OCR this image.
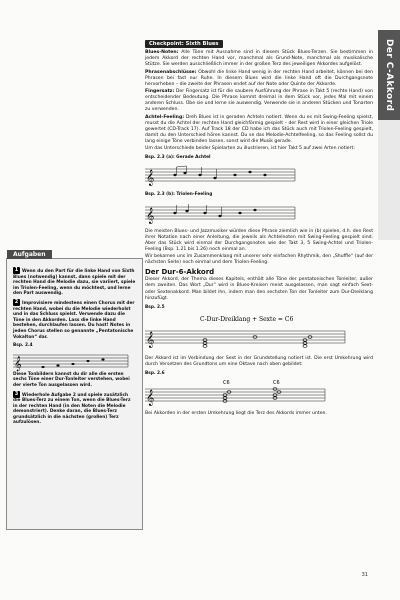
Der C-Akkord
Checkpoint: Sixth Blues

Blues-Noten: Alle Töne mit Ausnahme sind in diesem Stück Blues-Terzen. Sie bestimmen in jedem Akkord der rechten Hand vor, manchmal als Grund-Note, manchmal als musikalische Stütze. Sie werden ausschließlich immer in der großen Terz des jeweiligen Akkordes aufgelöst.

Phrasenabschlüsse: Obwohl die linke Hand wenig in der rechten Hand arbeitet, können bei den Phrasen bei fast nur Ruhe. In diesem Blues wird die linke Hand oft die Durchgangsnote hervorheben – die zweite der Phrasen endet auf der Note oder Quinte der Akkorde.

Fingersatz: Der Fingersatz ist für die saubere Ausführung der Phrase in Takt 5 (rechte Hand) von entscheidender Bedeutung. Die Phrase kommt dreimal in dem Stück vor, jedes Mal mit einem anderen Schluss. Übe sie und lerne sie auswendig. Verwende sie in anderen Stücken und Tonarten zu verwenden.

Achtel-Feeling: Dreh Blues ist in geraden Achteln notiert. Wenn du es mit Swing-Feeling spielst, musst du die Achtel der rechten Hand gleichförmig gespielt – der Rest wird in einer gleichen Triole gewertet (CD-Track 17). Auf Track 18 der CD habe ich das Stück auch mit Triolen-Feeling gespielt, damit du den Unterschied hören kannst. Du se das Melodie-Achtelfeeling, so das Feeling sollst du lang einige Töne verbinden lassen, sonst wird die Musik gerade.

Um das Unterschiede beider Spielarten zu illustrieren, ist hier Takt 5 auf zwei Arten notiert:

Bsp. 2.3 (a): Gerade Achtel
𝄞
Bsp. 2.3 (b): Triolen-Feeling
𝄞

Die meisten Blues- und Jazzmusiker würden diese Phrase ziemlich wie in (b) spielen, d.h. den Rest ihrer Notation nach einer Anleitung, die jeweils als Achtelnoten mit Swing-Feeling gespielt sind. Aber das Stück wird einmal der Durchgangsnoten wie der Takt 3, 5 Swing-Achtel und Triolen-Feeling (Bsp. 1.21 bis 1.26) noch einmal an.

Wir bekamen uns im Zusammenklang mit unserer sehr einfachen Rhythmik, den „Shuffle“ (auf der nächsten Seite) noch einmal und dem Triolen-Feeling.

Der Dur-6-Akkord

Dieser Akkord, der Thema dieses Kapitels, enthält alle Töne der pentatonischen Tonleiter, außer dem zweiten. Das Wort „Dur“ wird in Blues-Kreisen meist ausgelassen, man sagt einfach Sext- oder Sextenakkord. Man bildet ihn, indem man den sechsten Ton der Tonleiter zum Dur-Dreiklang hinzufügt.

Bsp. 2.5
C-Dur-Dreiklang + Sexte = C6
𝄞

Der Akkord ist im Verbindung der Sext in der Grundstellung notiert ist. Die erst Umkehrung wird durch Versetzen des Grundtons um eine Oktave nach oben gebildet:

Bsp. 2.6
C6	C6
𝄞

Bei Akkorden in der ersten Umkehrung liegt die Terz des Akkords immer unten.

Aufgaben

1 Wenn du den Part für die linke Hand von Sixth Blues (notwendig) kannst, dann spiele mit der rechten Hand die Melodie dazu, sie variiert, spiele im Triolen-Feeling, wenn du möchtest, und lerne den Part auswendig.

2 Improvisiere mindestens einen Chorus mit der rechten Hand, wobei du die Melodie wiederholst und in das Schluss spielst. Verwende dazu die Töne in den Akkorden. Lass die linke Hand bestehen, durchlaufen lassen. Du hast! Notes in jeden Chorus stellen so genannte „Pentatonische Vokalton“ dar.

Bsp. 2.4
𝄞

Diese Tonbildern kannst du dir alle die ersten sechs Töne einer Dur-Tonleiter verstehen, wobei der vierte Ton ausgelassen wird.

3 Wiederhole Aufgabe 2 und spiele zusätzlich die Blues-Terz zu einem Ton, wenn die Blues-Terz in der rechten Hand (in den Noten die Melodie demonstriert). Denke daran, die Blues-Terz grundsätzlich in die nächsten (großen) Terz aufzulösen.

31
